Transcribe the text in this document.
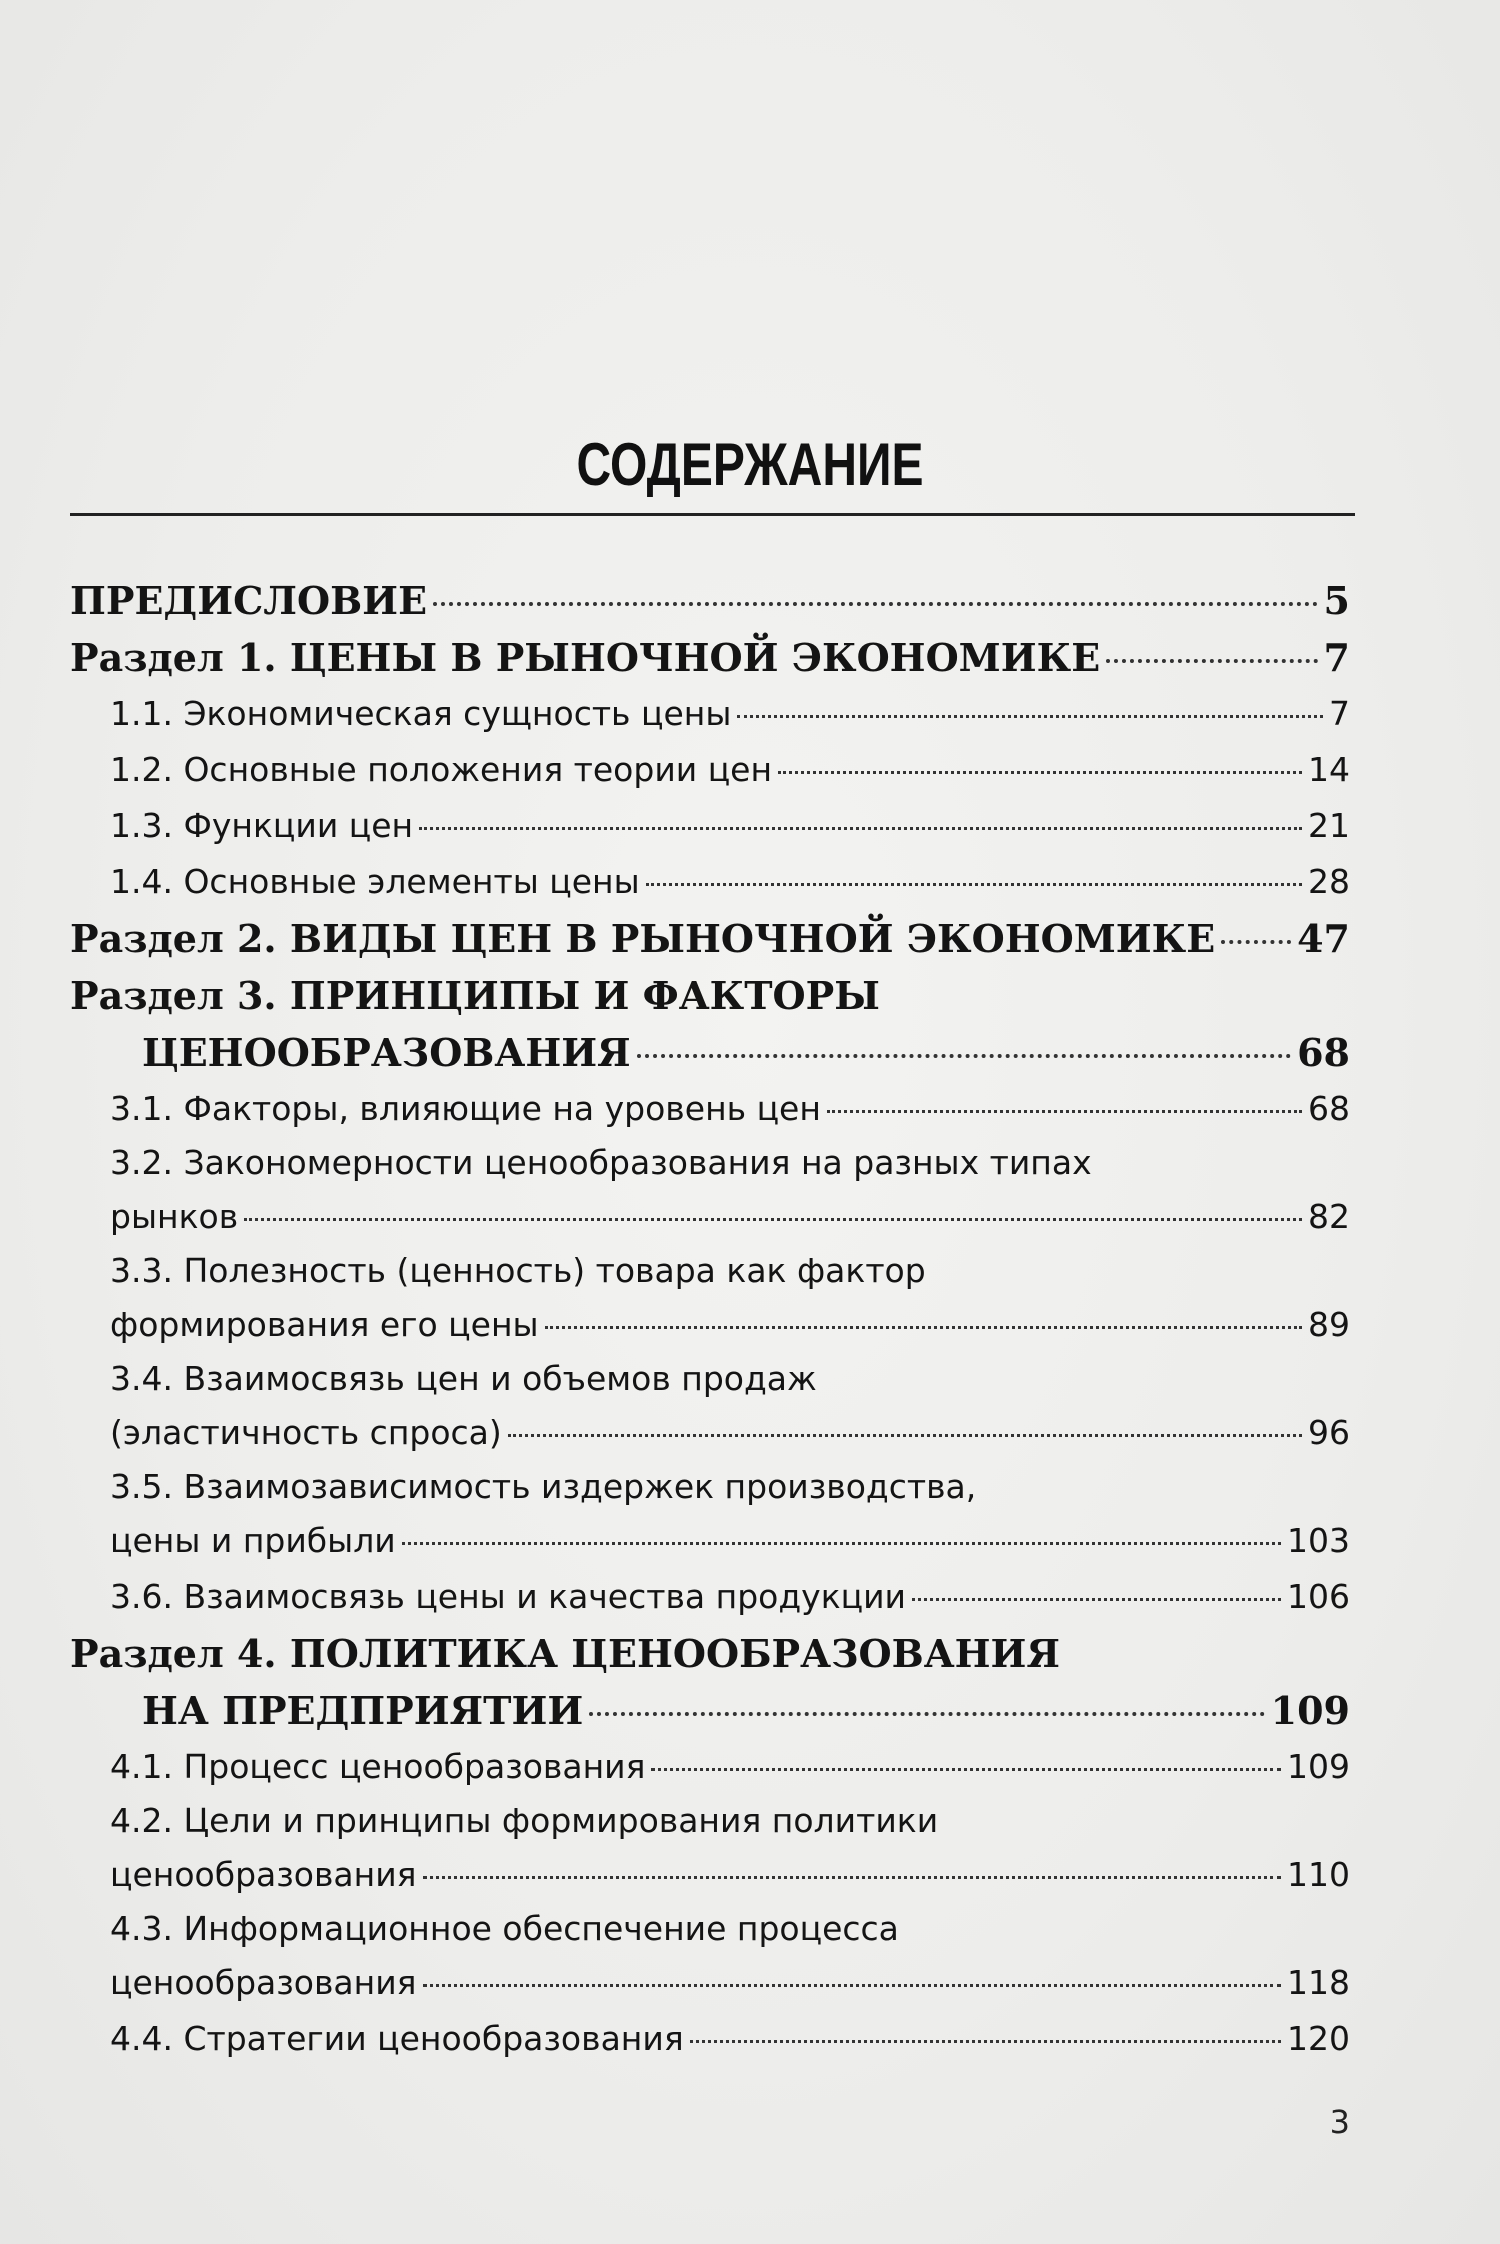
СОДЕРЖАНИЕ
ПРЕДИСЛОВИЕ	5
Раздел 1. ЦЕНЫ В РЫНОЧНОЙ ЭКОНОМИКЕ	7
1.1. Экономическая сущность цены	7
1.2. Основные положения теории цен	14
1.3. Функции цен	21
1.4. Основные элементы цены	28
Раздел 2. ВИДЫ ЦЕН В РЫНОЧНОЙ ЭКОНОМИКЕ 47
Раздел 3. ПРИНЦИПЫ И ФАКТОРЫ
ЦЕНООБРАЗОВАНИЯ	68
3.1. Факторы, влияющие на уровень цен	68
3.2. Закономерности ценообразования на разных типах
рынков	82
3.3. Полезность (ценность) товара как фактор
формирования его цены	89
3.4. Взаимосвязь цен и объемов продаж
(эластичность спроса)	96
3.5. Взаимозависимость издержек производства,
цены и прибыли	103
3.6. Взаимосвязь цены и качества продукции	106
Раздел 4. ПОЛИТИКА ЦЕНООБРАЗОВАНИЯ
НА ПРЕДПРИЯТИИ	109
4.1. Процесс ценообразования	109
4.2. Цели и принципы формирования политики
ценообразования	110
4.3. Информационное обеспечение процесса
ценообразования	118
4.4. Стратегии ценообразования	120
3
